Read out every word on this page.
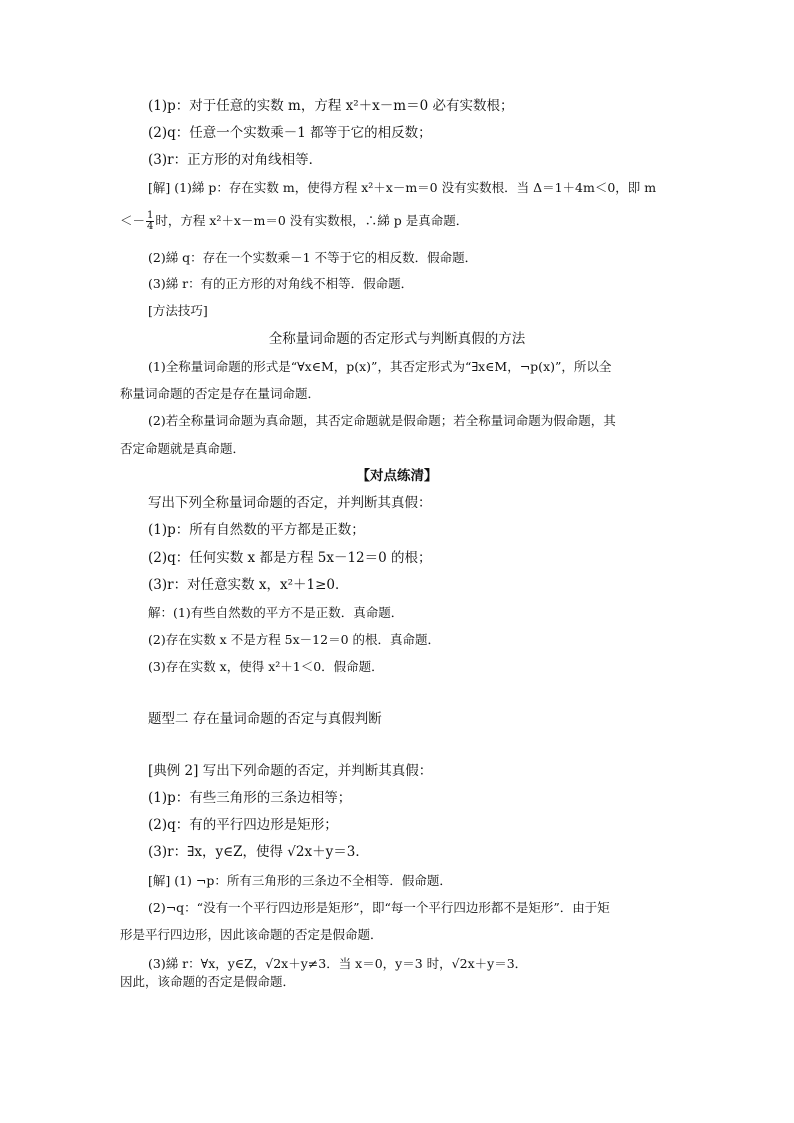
(1)p：对于任意的实数 m，方程 x²＋x－m＝0 必有实数根；
(2)q：任意一个实数乘－1 都等于它的相反数；
(3)r：正方形的对角线相等．
[解] (1)綈 p：存在实数 m，使得方程 x²＋x－m＝0 没有实数根．当 Δ＝1＋4m＜0，即 m
＜－ $\frac{1}{4}$ 时，方程 x²＋x－m＝0 没有实数根，∴綈 p 是真命题．
(2)綈 q：存在一个实数乘－1 不等于它的相反数．假命题．
(3)綈 r：有的正方形的对角线不相等．假命题．
[方法技巧]
全称量词命题的否定形式与判断真假的方法
(1)全称量词命题的形式是“∀x∈M，p(x)”，其否定形式为“∃x∈M，¬p(x)”，所以全
称量词命题的否定是存在量词命题．
(2)若全称量词命题为真命题，其否定命题就是假命题；若全称量词命题为假命题，其
否定命题就是真命题．
【对点练清】
写出下列全称量词命题的否定，并判断其真假：
(1)p：所有自然数的平方都是正数；
(2)q：任何实数 x 都是方程 5x－12＝0 的根；
(3)r：对任意实数 x，x²＋1≥0．
解：(1)有些自然数的平方不是正数．真命题．
(2)存在实数 x 不是方程 5x－12＝0 的根．真命题．
(3)存在实数 x，使得 x²＋1＜0．假命题．
题型二 存在量词命题的否定与真假判断
[典例 2] 写出下列命题的否定，并判断其真假：
(1)p：有些三角形的三条边相等；
(2)q：有的平行四边形是矩形；
(3)r：∃x，y∈Z，使得 √2x＋y＝3．
[解] (1) ¬p：所有三角形的三条边不全相等．假命题．
(2)¬q：“没有一个平行四边形是矩形”，即“每一个平行四边形都不是矩形”．由于矩
形是平行四边形，因此该命题的否定是假命题．
(3)綈 r：∀x，y∈Z，√2x＋y≠3．当 x＝0，y＝3 时，√2x＋y＝3．
因此，该命题的否定是假命题．
